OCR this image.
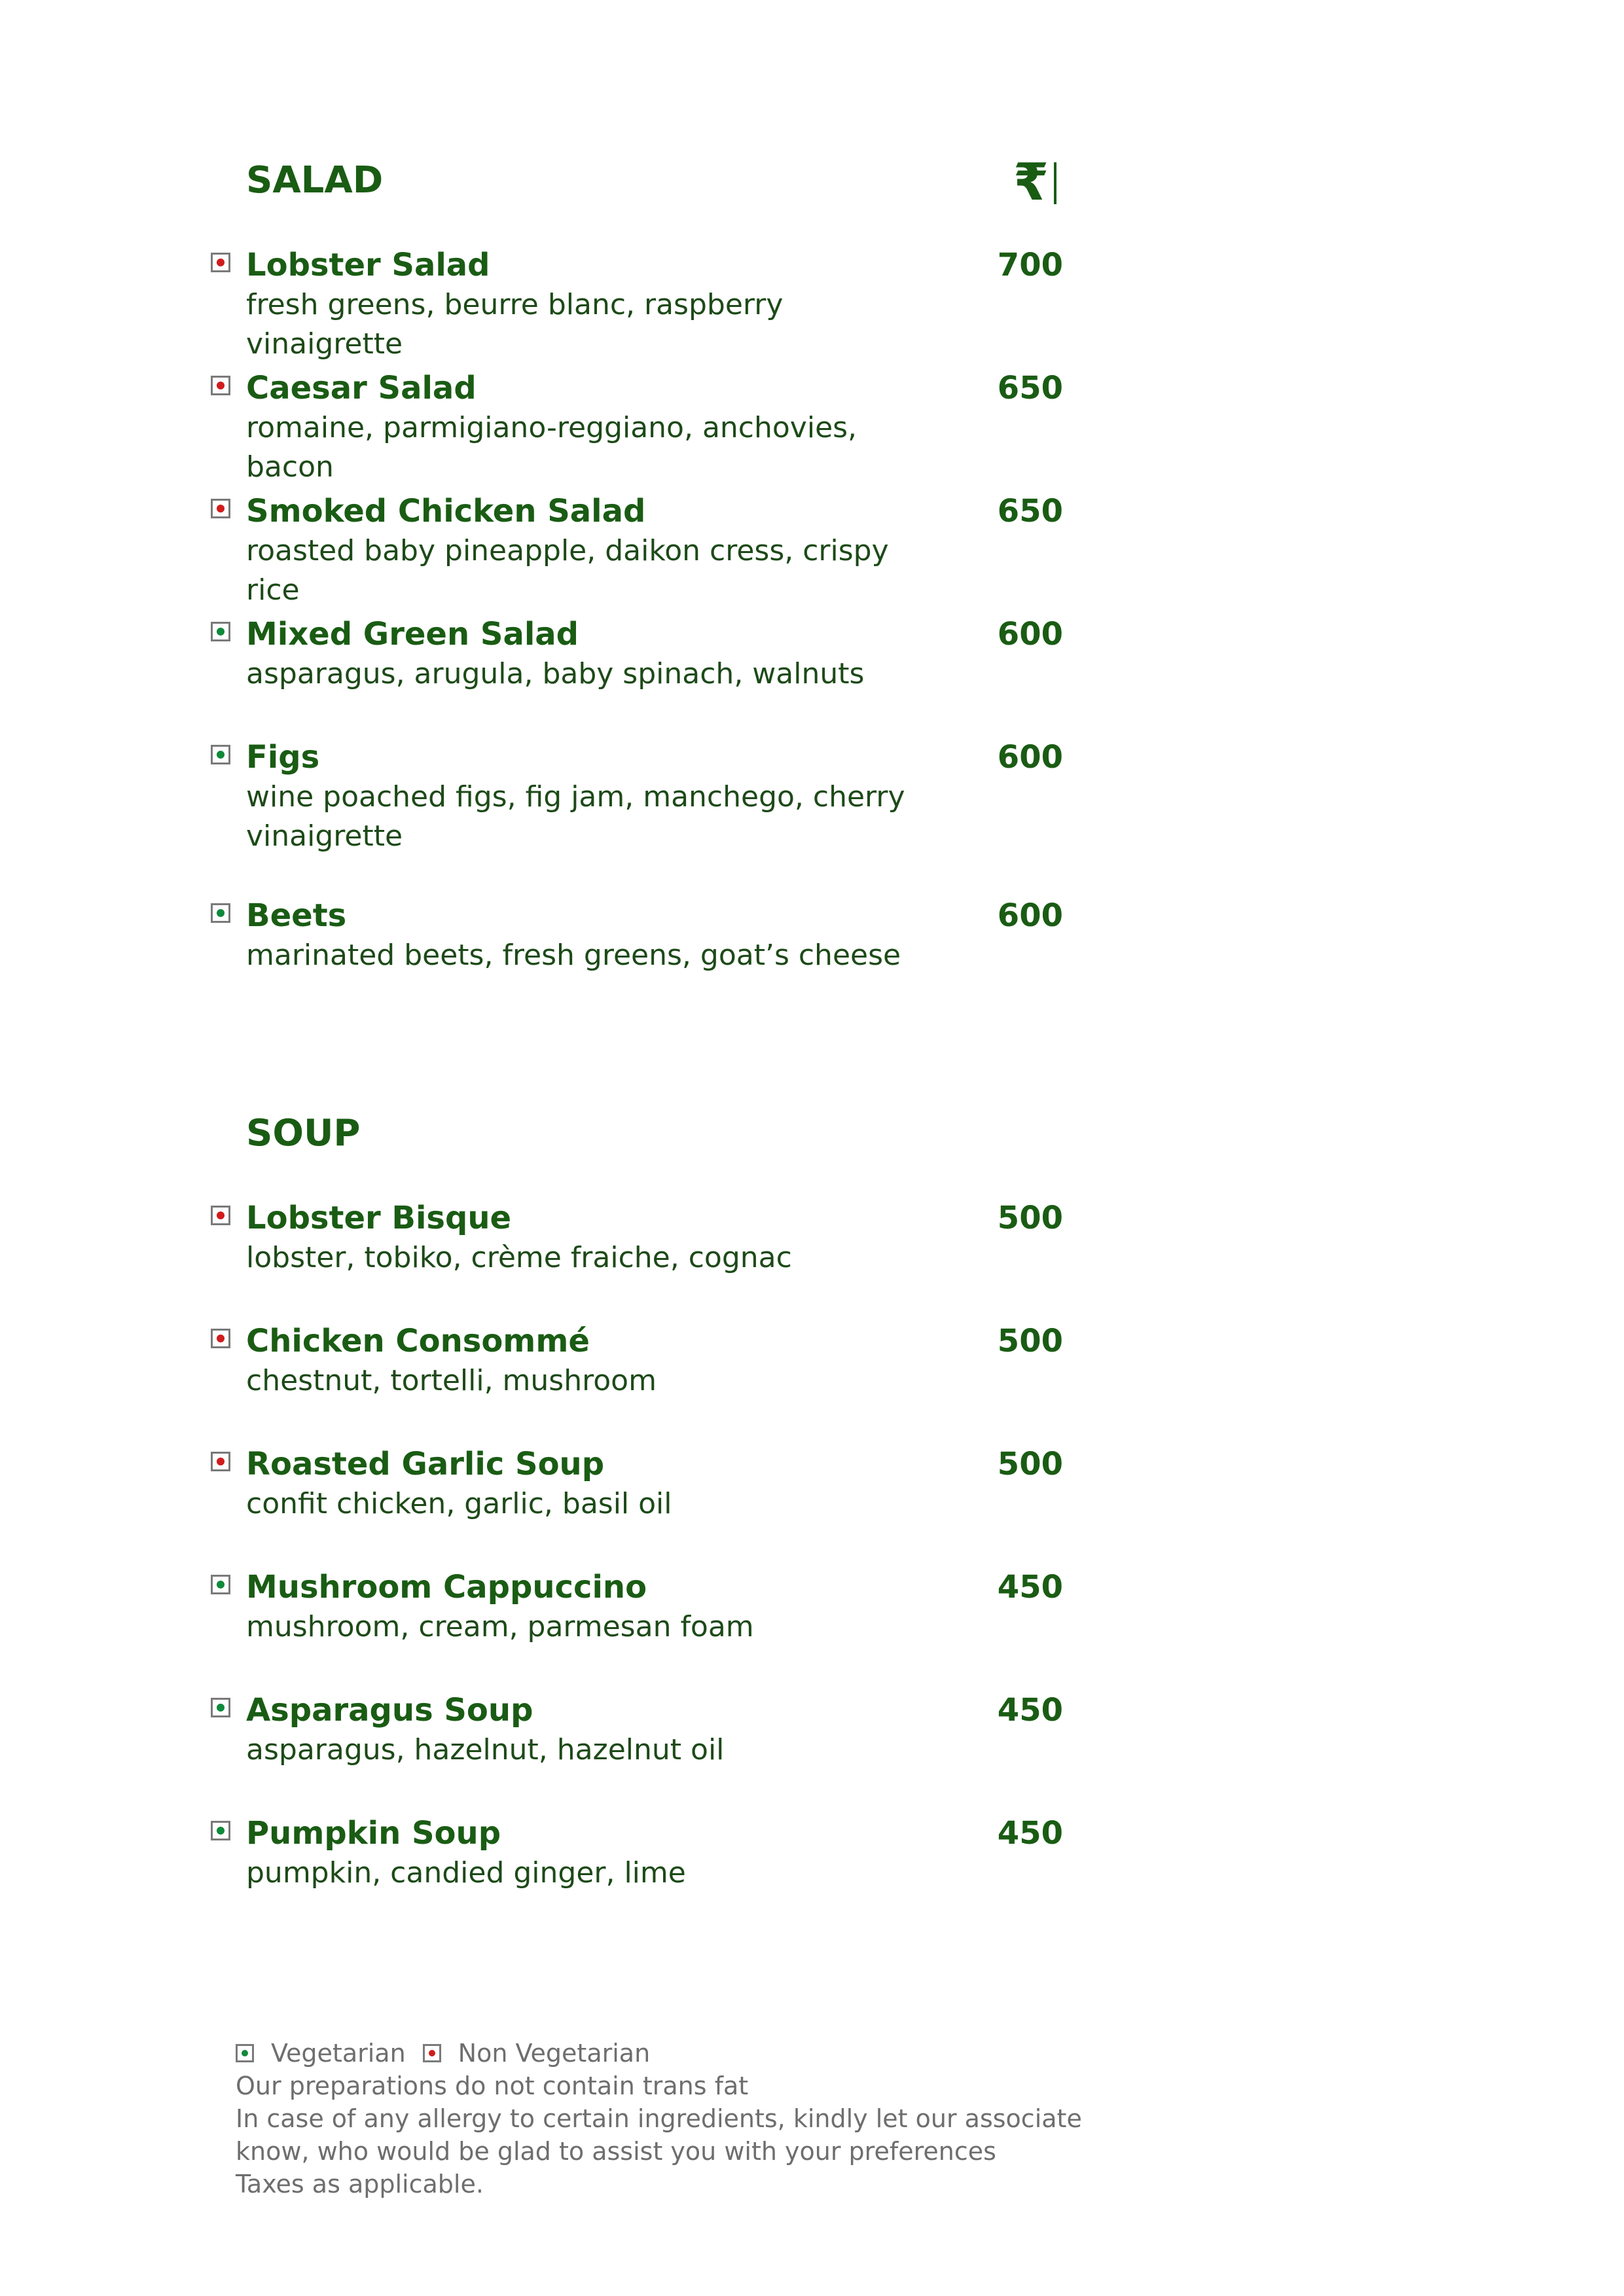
SALAD	₹
Lobster Salad	700
fresh greens, beurre blanc, raspberry vinaigrette
Caesar Salad	650
romaine, parmigiano-reggiano, anchovies, bacon
Smoked Chicken Salad	650
roasted baby pineapple, daikon cress, crispy rice
Mixed Green Salad	600
asparagus, arugula, baby spinach, walnuts
Figs	600
wine poached figs, fig jam, manchego, cherry vinaigrette
Beets	600
marinated beets, fresh greens, goat’s cheese
SOUP
Lobster Bisque	500
lobster, tobiko, crème fraiche, cognac
Chicken Consommé	500
chestnut, tortelli, mushroom
Roasted Garlic Soup	500
confit chicken, garlic, basil oil
Mushroom Cappuccino	450
mushroom, cream, parmesan foam
Asparagus Soup	450
asparagus, hazelnut, hazelnut oil
Pumpkin Soup	450
pumpkin, candied ginger, lime
Vegetarian Non Vegetarian
Our preparations do not contain trans fat
In case of any allergy to certain ingredients, kindly let our associate
know, who would be glad to assist you with your preferences
Taxes as applicable.
